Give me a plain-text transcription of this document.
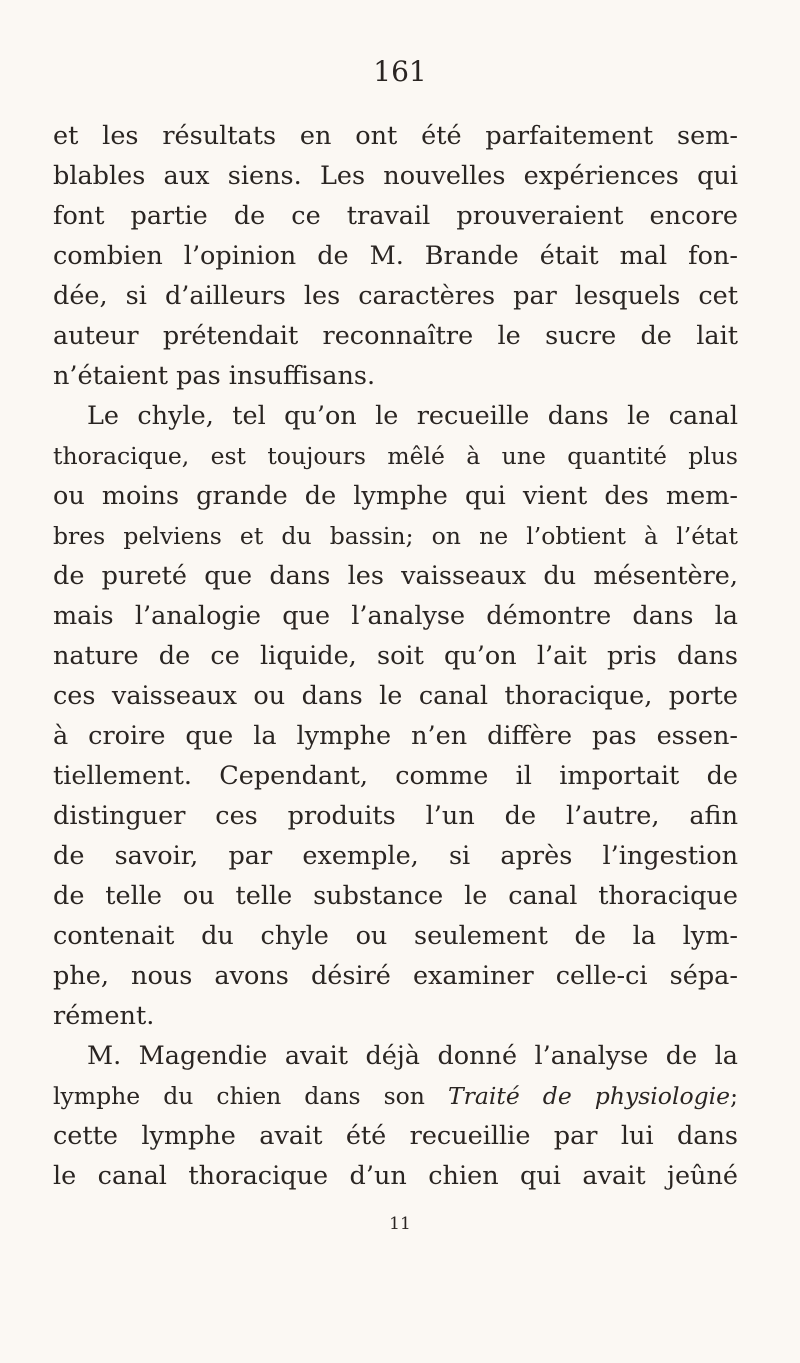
161
et les résultats en ont été parfaitement sem-
blables aux siens. Les nouvelles expériences qui
font partie de ce travail prouveraient encore
combien l’opinion de M. Brande était mal fon-
dée, si d’ailleurs les caractères par lesquels cet
auteur prétendait reconnaître le sucre de lait
n’étaient pas insuffisans.
Le chyle, tel qu’on le recueille dans le canal
thoracique, est toujours mêlé à une quantité plus
ou moins grande de lymphe qui vient des mem-
bres pelviens et du bassin; on ne l’obtient à l’état
de pureté que dans les vaisseaux du mésentère,
mais l’analogie que l’analyse démontre dans la
nature de ce liquide, soit qu’on l’ait pris dans
ces vaisseaux ou dans le canal thoracique, porte
à croire que la lymphe n’en diffère pas essen-
tiellement. Cependant, comme il importait de
distinguer ces produits l’un de l’autre, afin
de savoir, par exemple, si après l’ingestion
de telle ou telle substance le canal thoracique
contenait du chyle ou seulement de la lym-
phe, nous avons désiré examiner celle-ci sépa-
rément.
M. Magendie avait déjà donné l’analyse de la
lymphe du chien dans son Traité de physiologie;
cette lymphe avait été recueillie par lui dans
le canal thoracique d’un chien qui avait jeûné
11
